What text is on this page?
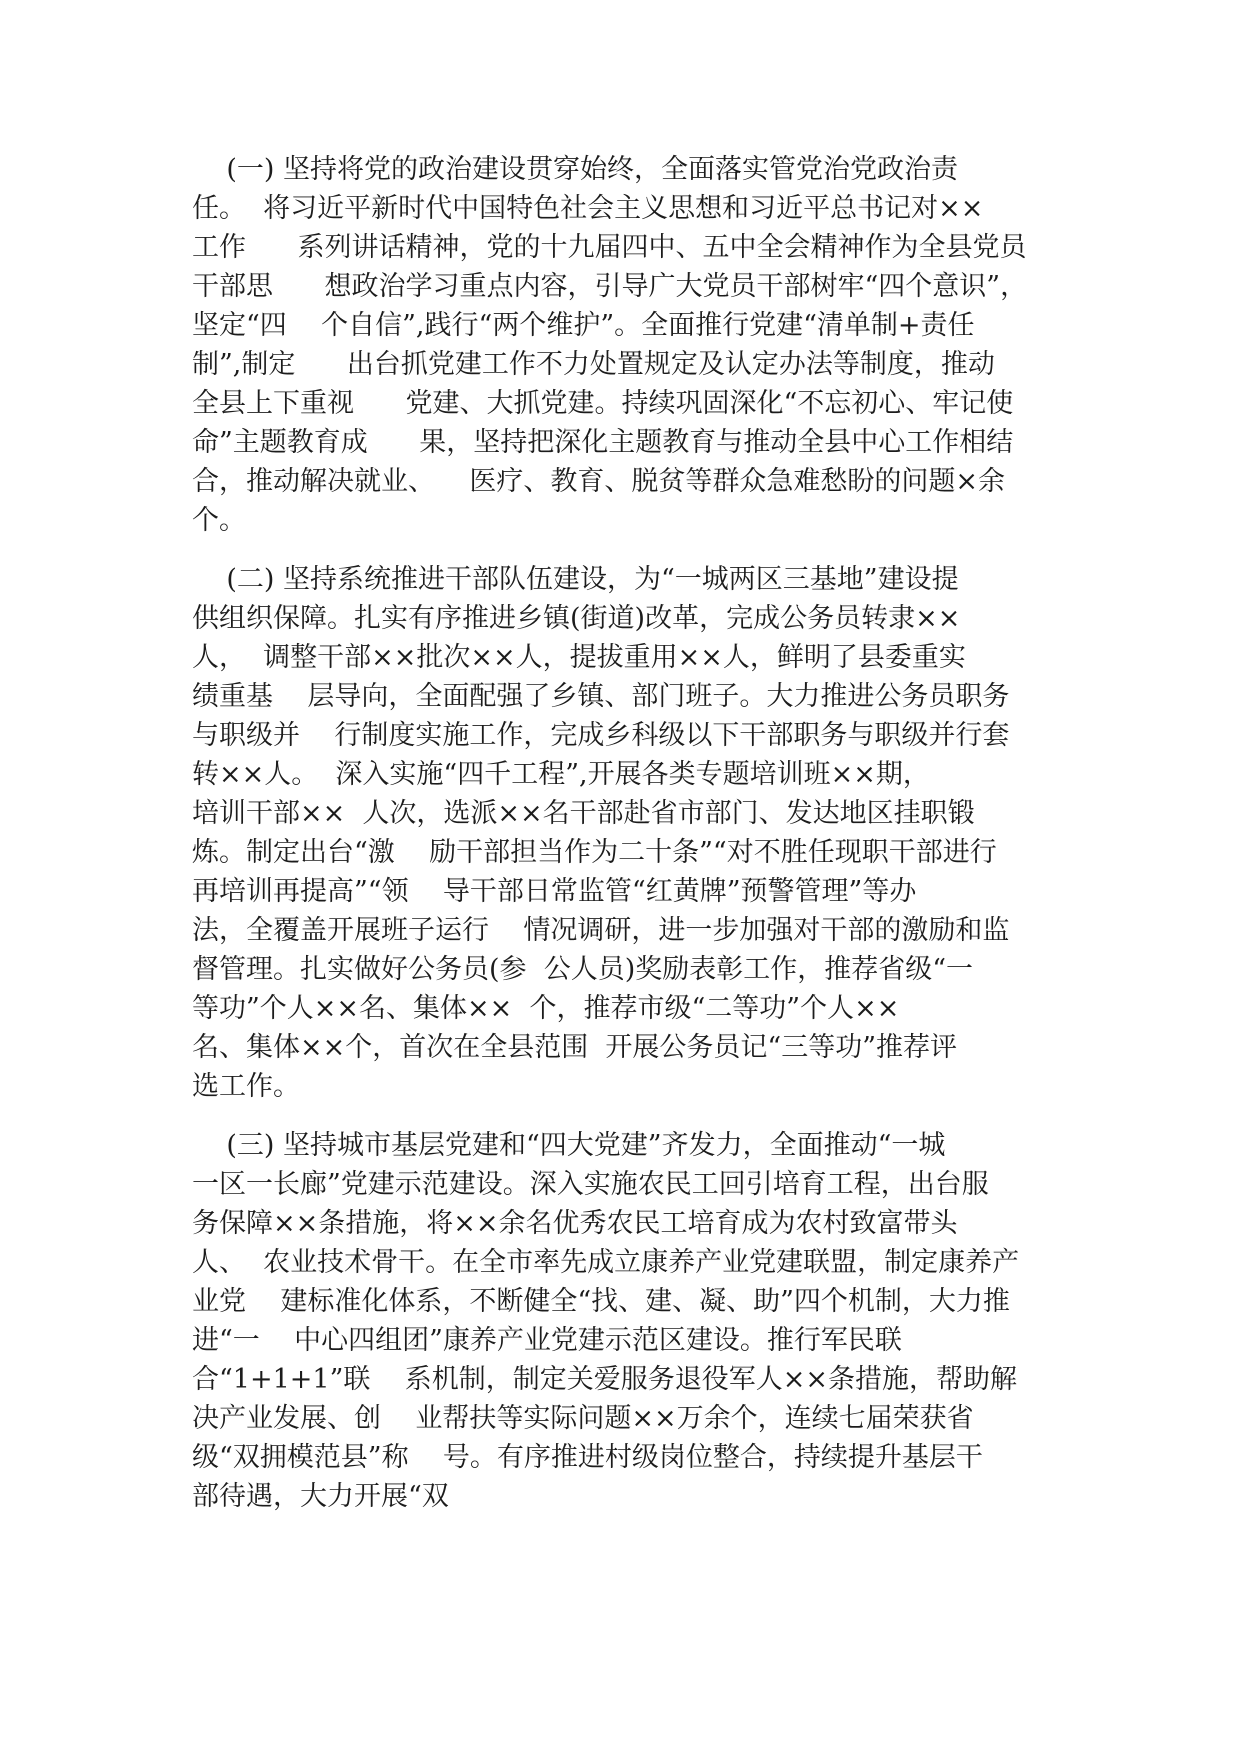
(一) 坚持将党的政治建设贯穿始终，全面落实管党治党政治责
任。  将习近平新时代中国特色社会主义思想和习近平总书记对××
工作      系列讲话精神，党的十九届四中、五中全会精神作为全县党员
干部思      想政治学习重点内容，引导广大党员干部树牢“四个意识”，
坚定“四    个自信”,践行“两个维护”。全面推行党建“清单制+责任
制”,制定      出台抓党建工作不力处置规定及认定办法等制度，推动
全县上下重视      党建、大抓党建。持续巩固深化“不忘初心、牢记使
命”主题教育成      果，坚持把深化主题教育与推动全县中心工作相结
合，推动解决就业、    医疗、教育、脱贫等群众急难愁盼的问题×余
个。
(二) 坚持系统推进干部队伍建设，为“一城两区三基地”建设提
供组织保障。扎实有序推进乡镇(街道)改革，完成公务员转隶××
人，  调整干部××批次××人，提拔重用××人，鲜明了县委重实
绩重基    层导向，全面配强了乡镇、部门班子。大力推进公务员职务
与职级并    行制度实施工作，完成乡科级以下干部职务与职级并行套
转××人。  深入实施“四千工程”,开展各类专题培训班××期，
培训干部××  人次，选派××名干部赴省市部门、发达地区挂职锻
炼。制定出台“激    励干部担当作为二十条”“对不胜任现职干部进行
再培训再提高”“领    导干部日常监管“红黄牌”预警管理”等办
法，全覆盖开展班子运行    情况调研，进一步加强对干部的激励和监
督管理。扎实做好公务员(参  公人员)奖励表彰工作，推荐省级“一
等功”个人××名、集体××  个，推荐市级“二等功”个人××
名、集体××个，首次在全县范围  开展公务员记“三等功”推荐评
选工作。
(三) 坚持城市基层党建和“四大党建”齐发力，全面推动“一城
一区一长廊”党建示范建设。深入实施农民工回引培育工程，出台服
务保障××条措施，将××余名优秀农民工培育成为农村致富带头
人、  农业技术骨干。在全市率先成立康养产业党建联盟，制定康养产
业党    建标准化体系，不断健全“找、建、凝、助”四个机制，大力推
进“一    中心四组团”康养产业党建示范区建设。推行军民联
合“1+1+1”联    系机制，制定关爱服务退役军人××条措施，帮助解
决产业发展、创    业帮扶等实际问题××万余个，连续七届荣获省
级“双拥模范县”称    号。有序推进村级岗位整合，持续提升基层干
部待遇，大力开展“双
